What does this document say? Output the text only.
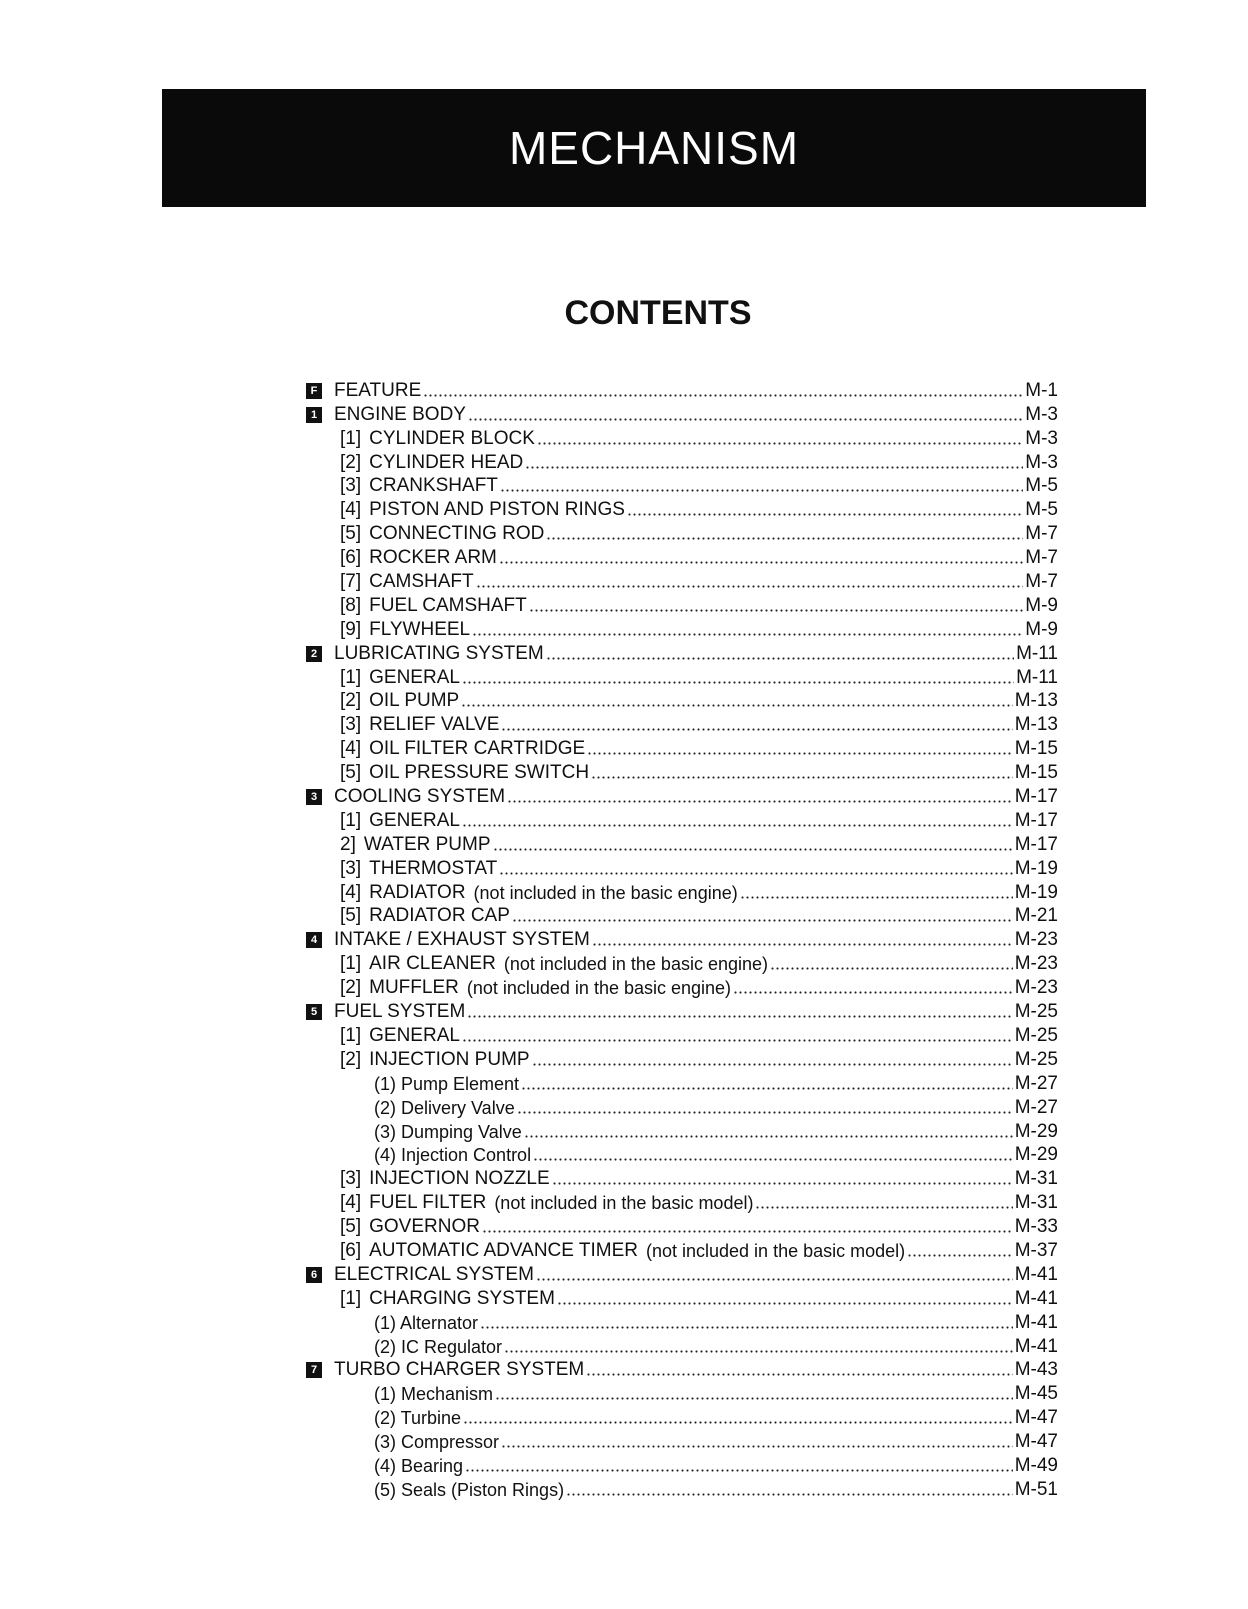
MECHANISM
CONTENTS
F FEATURE	M-1
1 ENGINE BODY	M-3
[1] CYLINDER BLOCK	M-3
[2] CYLINDER HEAD	M-3
[3] CRANKSHAFT	M-5
[4] PISTON AND PISTON RINGS	M-5
[5] CONNECTING ROD	M-7
[6] ROCKER ARM	M-7
[7] CAMSHAFT	M-7
[8] FUEL CAMSHAFT	M-9
[9] FLYWHEEL	M-9
2 LUBRICATING SYSTEM	M-11
[1] GENERAL	M-11
[2] OIL PUMP	M-13
[3] RELIEF VALVE	M-13
[4] OIL FILTER CARTRIDGE	M-15
[5] OIL PRESSURE SWITCH	M-15
3 COOLING SYSTEM	M-17
[1] GENERAL	M-17
2] WATER PUMP	M-17
[3] THERMOSTAT	M-19
[4] RADIATOR (not included in the basic engine)	M-19
[5] RADIATOR CAP	M-21
4 INTAKE / EXHAUST SYSTEM	M-23
[1] AIR CLEANER (not included in the basic engine)	M-23
[2] MUFFLER (not included in the basic engine)	M-23
5 FUEL SYSTEM	M-25
[1] GENERAL	M-25
[2] INJECTION PUMP	M-25
(1) Pump Element	M-27
(2) Delivery Valve	M-27
(3) Dumping Valve	M-29
(4) Injection Control	M-29
[3] INJECTION NOZZLE	M-31
[4] FUEL FILTER (not included in the basic model)	M-31
[5] GOVERNOR	M-33
[6] AUTOMATIC ADVANCE TIMER (not included in the basic model)	M-37
6 ELECTRICAL SYSTEM	M-41
[1] CHARGING SYSTEM	M-41
(1) Alternator	M-41
(2) IC Regulator	M-41
7 TURBO CHARGER SYSTEM	M-43
(1) Mechanism	M-45
(2) Turbine	M-47
(3) Compressor	M-47
(4) Bearing	M-49
(5) Seals (Piston Rings)	M-51
